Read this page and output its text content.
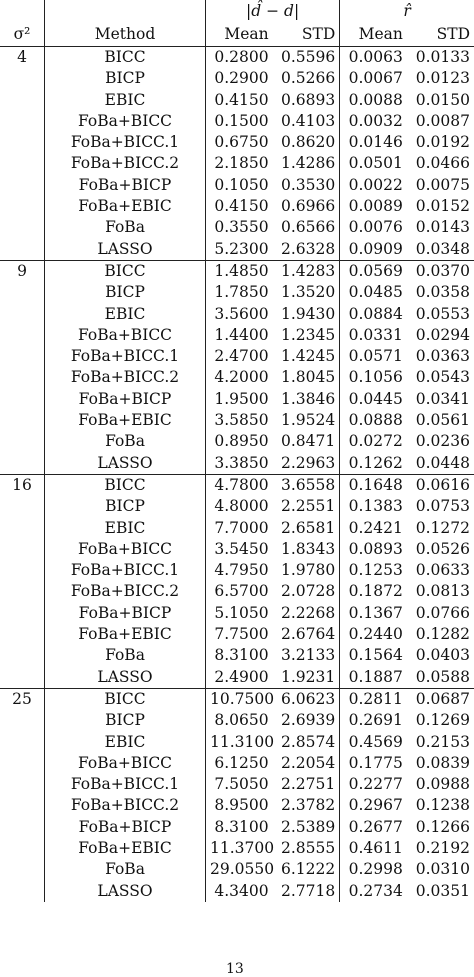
		|d̂ − d|		r̂	
σ²	Method	Mean	STD	Mean	STD
4	BICC	0.2800	0.5596	0.0063	0.0133
	BICP	0.2900	0.5266	0.0067	0.0123
	EBIC	0.4150	0.6893	0.0088	0.0150
	FoBa+BICC	0.1500	0.4103	0.0032	0.0087
	FoBa+BICC.1	0.6750	0.8620	0.0146	0.0192
	FoBa+BICC.2	2.1850	1.4286	0.0501	0.0466
	FoBa+BICP	0.1050	0.3530	0.0022	0.0075
	FoBa+EBIC	0.4150	0.6966	0.0089	0.0152
	FoBa	0.3550	0.6566	0.0076	0.0143
	LASSO	5.2300	2.6328	0.0909	0.0348
9	BICC	1.4850	1.4283	0.0569	0.0370
	BICP	1.7850	1.3520	0.0485	0.0358
	EBIC	3.5600	1.9430	0.0884	0.0553
	FoBa+BICC	1.4400	1.2345	0.0331	0.0294
	FoBa+BICC.1	2.4700	1.4245	0.0571	0.0363
	FoBa+BICC.2	4.2000	1.8045	0.1056	0.0543
	FoBa+BICP	1.9500	1.3846	0.0445	0.0341
	FoBa+EBIC	3.5850	1.9524	0.0888	0.0561
	FoBa	0.8950	0.8471	0.0272	0.0236
	LASSO	3.3850	2.2963	0.1262	0.0448
16	BICC	4.7800	3.6558	0.1648	0.0616
	BICP	4.8000	2.2551	0.1383	0.0753
	EBIC	7.7000	2.6581	0.2421	0.1272
	FoBa+BICC	3.5450	1.8343	0.0893	0.0526
	FoBa+BICC.1	4.7950	1.9780	0.1253	0.0633
	FoBa+BICC.2	6.5700	2.0728	0.1872	0.0813
	FoBa+BICP	5.1050	2.2268	0.1367	0.0766
	FoBa+EBIC	7.7500	2.6764	0.2440	0.1282
	FoBa	8.3100	3.2133	0.1564	0.0403
	LASSO	2.4900	1.9231	0.1887	0.0588
25	BICC	10.7500	6.0623	0.2811	0.0687
	BICP	8.0650	2.6939	0.2691	0.1269
	EBIC	11.3100	2.8574	0.4569	0.2153
	FoBa+BICC	6.1250	2.2054	0.1775	0.0839
	FoBa+BICC.1	7.5050	2.2751	0.2277	0.0988
	FoBa+BICC.2	8.9500	2.3782	0.2967	0.1238
	FoBa+BICP	8.3100	2.5389	0.2677	0.1266
	FoBa+EBIC	11.3700	2.8555	0.4611	0.2192
	FoBa	29.0550	6.1222	0.2998	0.0310
	LASSO	4.3400	2.7718	0.2734	0.0351
13
